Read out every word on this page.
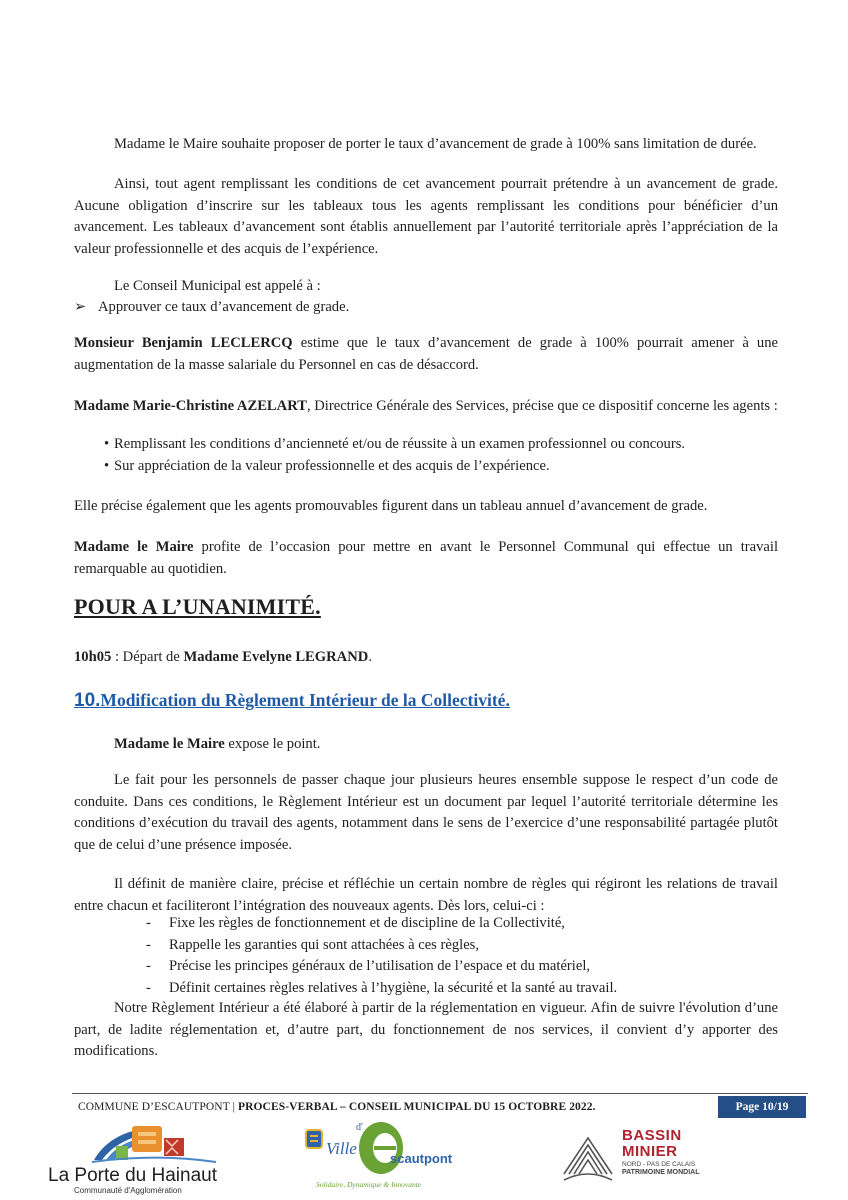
Madame le Maire souhaite proposer de porter le taux d’avancement de grade à 100% sans limitation de durée.

Ainsi, tout agent remplissant les conditions de cet avancement pourrait prétendre à un avancement de grade. Aucune obligation d’inscrire sur les tableaux tous les agents remplissant les conditions pour bénéficier d’un avancement. Les tableaux d’avancement sont établis annuellement par l’autorité territoriale après l’appréciation de la valeur professionnelle et des acquis de l’expérience.

Le Conseil Municipal est appelé à :

➢ Approuver ce taux d’avancement de grade.

Monsieur Benjamin LECLERCQ estime que le taux d’avancement de grade à 100% pourrait amener à une augmentation de la masse salariale du Personnel en cas de désaccord.

Madame Marie-Christine AZELART, Directrice Générale des Services, précise que ce dispositif concerne les agents :

• Remplissant les conditions d’ancienneté et/ou de réussite à un examen professionnel ou concours.
• Sur appréciation de la valeur professionnelle et des acquis de l’expérience.

Elle précise également que les agents promouvables figurent dans un tableau annuel d’avancement de grade.

Madame le Maire profite de l’occasion pour mettre en avant le Personnel Communal qui effectue un travail remarquable au quotidien.

POUR A L’UNANIMITÉ.

10h05 : Départ de Madame Evelyne LEGRAND.

10.Modification du Règlement Intérieur de la Collectivité.

Madame le Maire expose le point.

Le fait pour les personnels de passer chaque jour plusieurs heures ensemble suppose le respect d’un code de conduite. Dans ces conditions, le Règlement Intérieur est un document par lequel l’autorité territoriale détermine les conditions d’exécution du travail des agents, notamment dans le sens de l’exercice d’une responsabilité partagée plutôt que de celui d’une présence imposée.

Il définit de manière claire, précise et réfléchie un certain nombre de règles qui régiront les relations de travail entre chacun et faciliteront l’intégration des nouveaux agents. Dès lors, celui-ci :

- Fixe les règles de fonctionnement et de discipline de la Collectivité,
- Rappelle les garanties qui sont attachées à ces règles,
- Précise les principes généraux de l’utilisation de l’espace et du matériel,
- Définit certaines règles relatives à l’hygiène, la sécurité et la santé au travail.

Notre Règlement Intérieur a été élaboré à partir de la réglementation en vigueur. Afin de suivre l'évolution d’une part, de ladite réglementation et, d’autre part, du fonctionnement de nos services, il convient d’y apporter des modifications.

COMMUNE D’ESCAUTPONT | PROCES-VERBAL – CONSEIL MUNICIPAL DU 15 OCTOBRE 2022.	Page 10/19
La Porte du Hainaut
Communauté d'Agglomération
Ville
d'
scautpont
Solidaire, Dynamique & Innovante
BASSIN
MINIER
NORD - PAS DE CALAIS
PATRIMOINE MONDIAL
